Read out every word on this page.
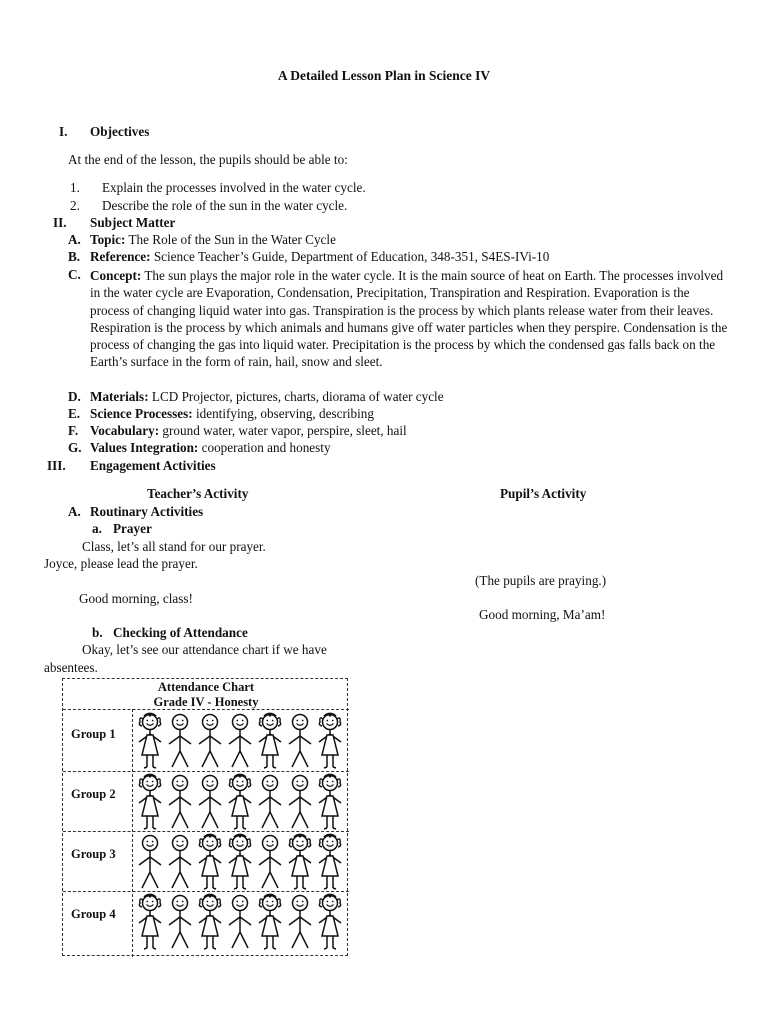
A Detailed Lesson Plan in Science IV
I. Objectives
At the end of the lesson, the pupils should be able to:
1. Explain the processes involved in the water cycle.
2. Describe the role of the sun in the water cycle.
II. Subject Matter
A. Topic: The Role of the Sun in the Water Cycle
B. Reference: Science Teacher’s Guide, Department of Education, 348-351, S4ES-IVi-10
C. Concept: The sun plays the major role in the water cycle. It is the main source of heat on Earth. The processes involved in the water cycle are Evaporation, Condensation, Precipitation, Transpiration and Respiration. Evaporation is the process of changing liquid water into gas. Transpiration is the process by which plants release water from their leaves. Respiration is the process by which animals and humans give off water particles when they perspire. Condensation is the process of changing the gas into liquid water. Precipitation is the process by which the condensed gas falls back on the Earth’s surface in the form of rain, hail, snow and sleet.
D. Materials: LCD Projector, pictures, charts, diorama of water cycle
E. Science Processes: identifying, observing, describing
F. Vocabulary: ground water, water vapor, perspire, sleet, hail
G. Values Integration: cooperation and honesty
III. Engagement Activities
Teacher’s Activity	Pupil’s Activity
A. Routinary Activities
a. Prayer
Class, let’s all stand for our prayer.
Joyce, please lead the prayer.
(The pupils are praying.)
Good morning, class!
Good morning, Ma’am!
b. Checking of Attendance
Okay, let’s see our attendance chart if we have
absentees.
Attendance Chart
Grade IV - Honesty
Group 1
Group 2
Group 3
Group 4
